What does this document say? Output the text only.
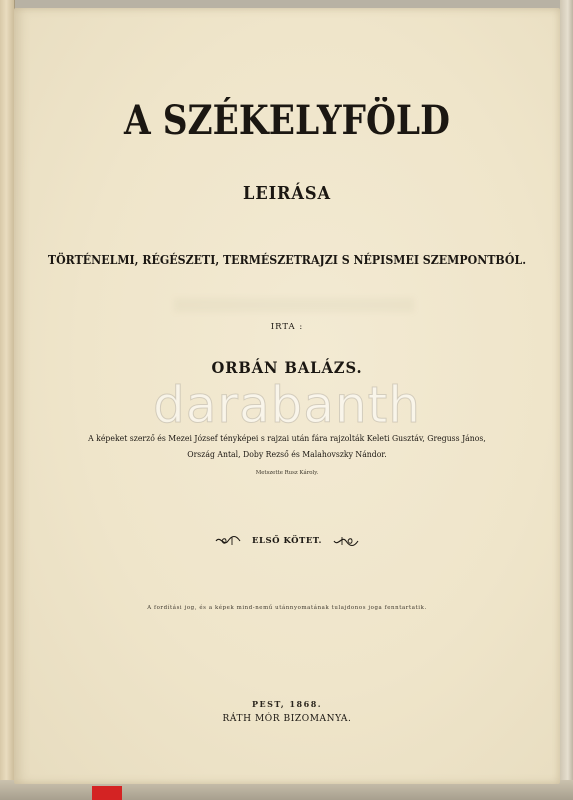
A SZÉKELYFÖLD
LEIRÁSA
TÖRTÉNELMI, RÉGÉSZETI, TERMÉSZETRAJZI S NÉPISMEI SZEMPONTBÓL.
IRTA :
ORBÁN BALÁZS.
A képeket szerző és Mezei József tényképei s rajzai után fára rajzolták Keleti Gusztáv, Greguss János,
Ország Antal, Doby Rezső és Malahovszky Nándor.
Metszette Rusz Károly.
ELSŐ KÖTET.
A fordítási jog, és a képek mind-nemű utánnyomatának tulajdonos joga fenntartatik.
PEST, 1868.
RÁTH MÓR BIZOMANYA.
darabanth
